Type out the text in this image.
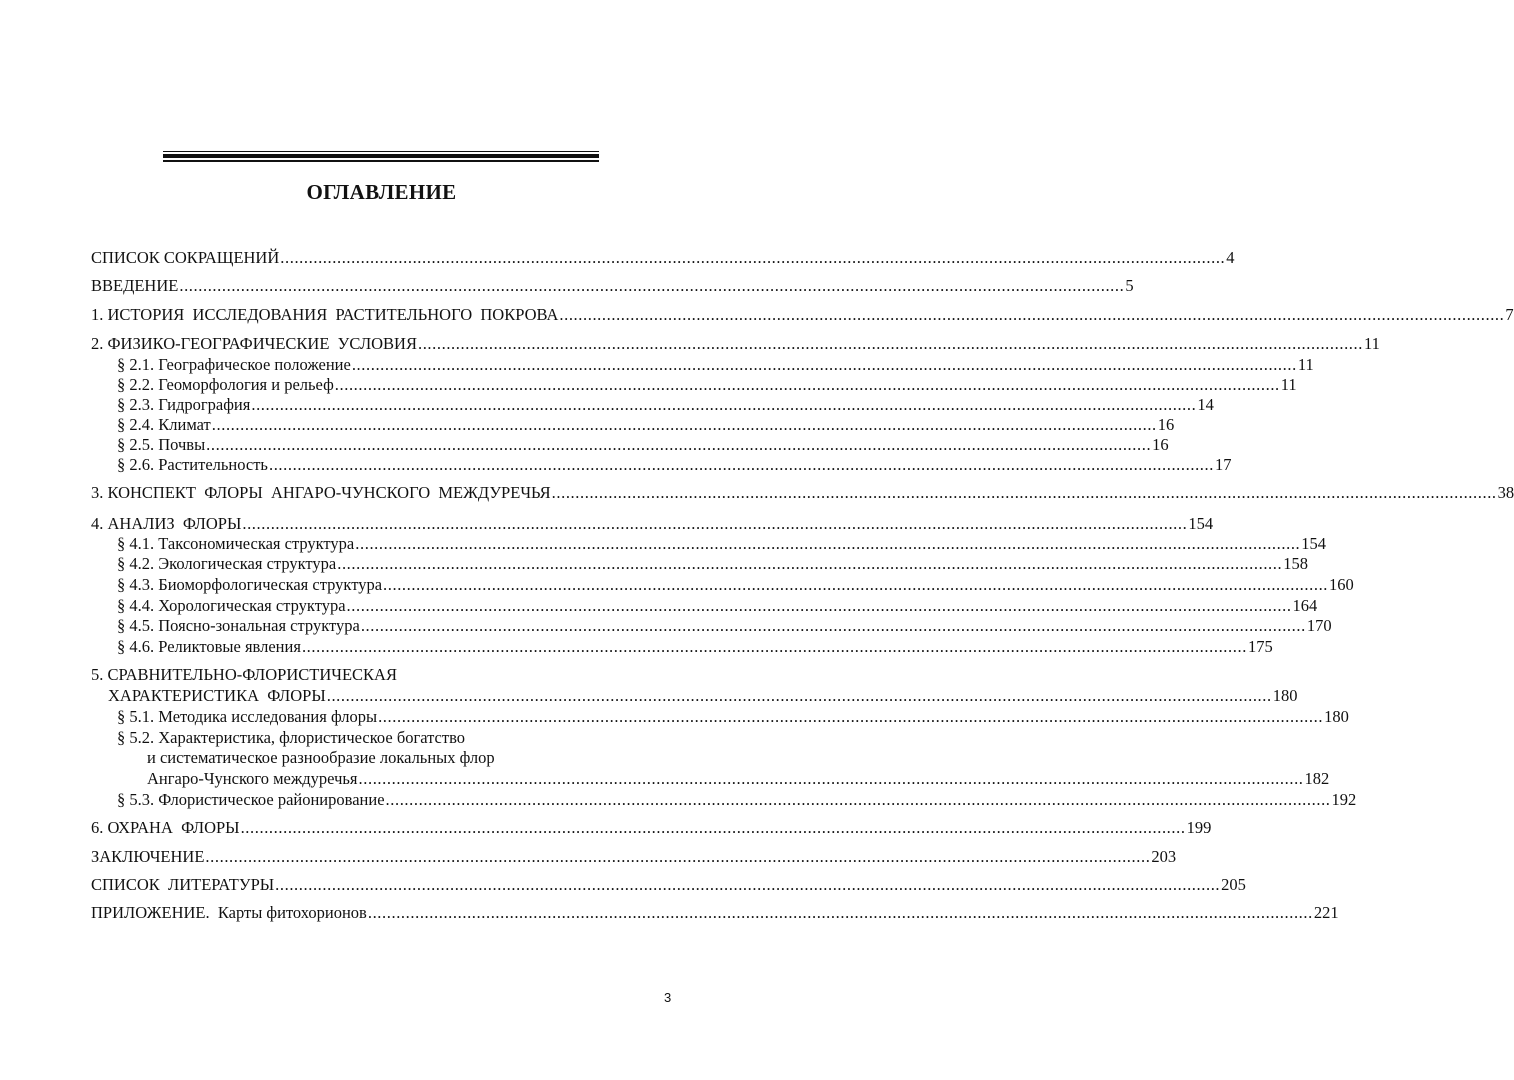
ОГЛАВЛЕНИЕ
СПИСОК СОКРАЩЕНИЙ ........................................................................................................................................................................................................ 4
ВВЕДЕНИЕ ........................................................................................................................................................................................................ 5
1. ИСТОРИЯ  ИССЛЕДОВАНИЯ  РАСТИТЕЛЬНОГО  ПОКРОВА ........................................................................................................................................................................................................ 7
2. ФИЗИКО-ГЕОГРАФИЧЕСКИЕ  УСЛОВИЯ ........................................................................................................................................................................................................ 11
§ 2.1. Географическое положение ........................................................................................................................................................................................................ 11
§ 2.2. Геоморфология и рельеф ........................................................................................................................................................................................................ 11
§ 2.3. Гидрография ........................................................................................................................................................................................................ 14
§ 2.4. Климат ........................................................................................................................................................................................................ 16
§ 2.5. Почвы ........................................................................................................................................................................................................ 16
§ 2.6. Растительность ........................................................................................................................................................................................................ 17
3. КОНСПЕКТ  ФЛОРЫ  АНГАРО-ЧУНСКОГО  МЕЖДУРЕЧЬЯ ........................................................................................................................................................................................................ 38
4. АНАЛИЗ  ФЛОРЫ ........................................................................................................................................................................................................ 154
§ 4.1. Таксономическая структура ........................................................................................................................................................................................................ 154
§ 4.2. Экологическая структура ........................................................................................................................................................................................................ 158
§ 4.3. Биоморфологическая структура ........................................................................................................................................................................................................ 160
§ 4.4. Хорологическая структура ........................................................................................................................................................................................................ 164
§ 4.5. Поясно-зональная структура ........................................................................................................................................................................................................ 170
§ 4.6. Реликтовые явления ........................................................................................................................................................................................................ 175
5. СРАВНИТЕЛЬНО-ФЛОРИСТИЧЕСКАЯ
ХАРАКТЕРИСТИКА  ФЛОРЫ ........................................................................................................................................................................................................ 180
§ 5.1. Методика исследования флоры ........................................................................................................................................................................................................ 180
§ 5.2. Характеристика, флористическое богатство
и систематическое разнообразие локальных флор
Ангаро-Чунского междуречья ........................................................................................................................................................................................................ 182
§ 5.3. Флористическое районирование ........................................................................................................................................................................................................ 192
6. ОХРАНА  ФЛОРЫ ........................................................................................................................................................................................................ 199
ЗАКЛЮЧЕНИЕ ........................................................................................................................................................................................................ 203
СПИСОК  ЛИТЕРАТУРЫ ........................................................................................................................................................................................................ 205
ПРИЛОЖЕНИЕ.  Карты фитохорионов ........................................................................................................................................................................................................ 221
3
